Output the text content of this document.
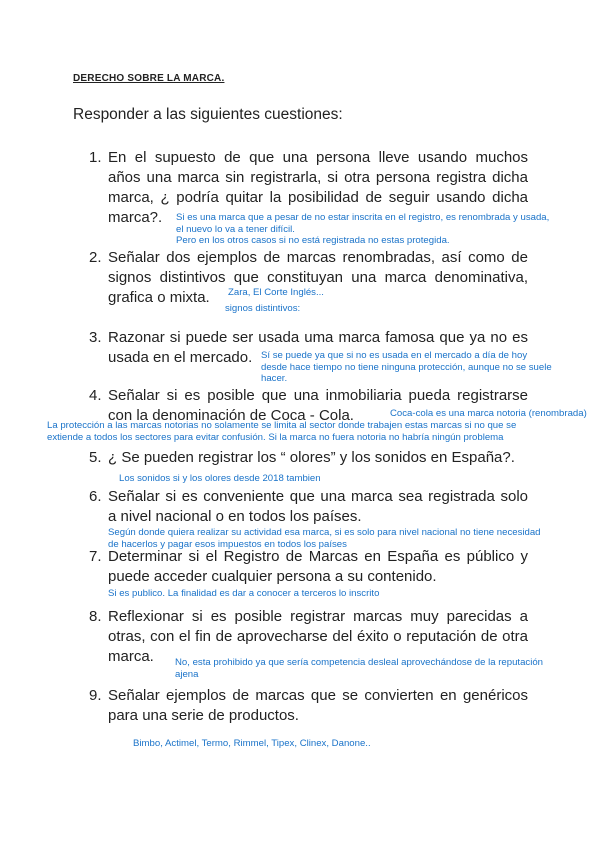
DERECHO SOBRE LA MARCA.
Responder a las siguientes cuestiones:
1. En el supuesto de que una persona lleve usando muchos
años una marca sin registrarla, si otra persona registra dicha
marca, ¿ podría quitar la posibilidad de seguir usando dicha
marca?.	Si es una marca que a pesar de no estar inscrita en el registro, es renombrada y usada,
el nuevo lo va a tener difícil.
Pero en los otros casos si no está registrada no estas protegida.
2. Señalar dos ejemplos de marcas renombradas, así como de
signos distintivos que constituyan una marca denominativa,
grafica o mixta.	Zara, El Corte Inglés...
signos distintivos:
3. Razonar si puede ser usada uma marca famosa que ya no es
usada en el mercado. Sí se puede ya que si no es usada en el mercado a día de hoy
desde hace tiempo no tiene ninguna protección, aunque no se suele
hacer.
4. Señalar si es posible que una inmobiliaria pueda registrarse
con la denominación de Coca - Cola.	Coca-cola es una marca notoria (renombrada)
La protección a las marcas notorias no solamente se limita al sector donde trabajen estas marcas si no que se
extiende a todos los sectores para evitar confusión. Si la marca no fuera notoria no habría ningún problema
5. ¿ Se pueden registrar los “ olores” y los sonidos en España?.
Los sonidos si y los olores desde 2018 tambien
6. Señalar si es conveniente que una marca sea registrada solo
a nivel nacional o en todos los países.
Según donde quiera realizar su actividad esa marca, si es solo para nivel nacional no tiene necesidad
de hacerlos y pagar esos impuestos en todos los países
7. Determinar si el Registro de Marcas en España es público y
puede acceder cualquier persona a su contenido.
Si es publico. La finalidad es dar a conocer a terceros lo inscrito
8. Reflexionar si es posible registrar marcas muy parecidas a
otras, con el fin de aprovecharse del éxito o reputación de otra
marca.	No, esta prohibido ya que sería competencia desleal aprovechándose de la reputación
ajena
9. Señalar ejemplos de marcas que se convierten en genéricos
para una serie de productos.
Bimbo, Actimel, Termo, Rimmel, Tipex, Clinex, Danone..
